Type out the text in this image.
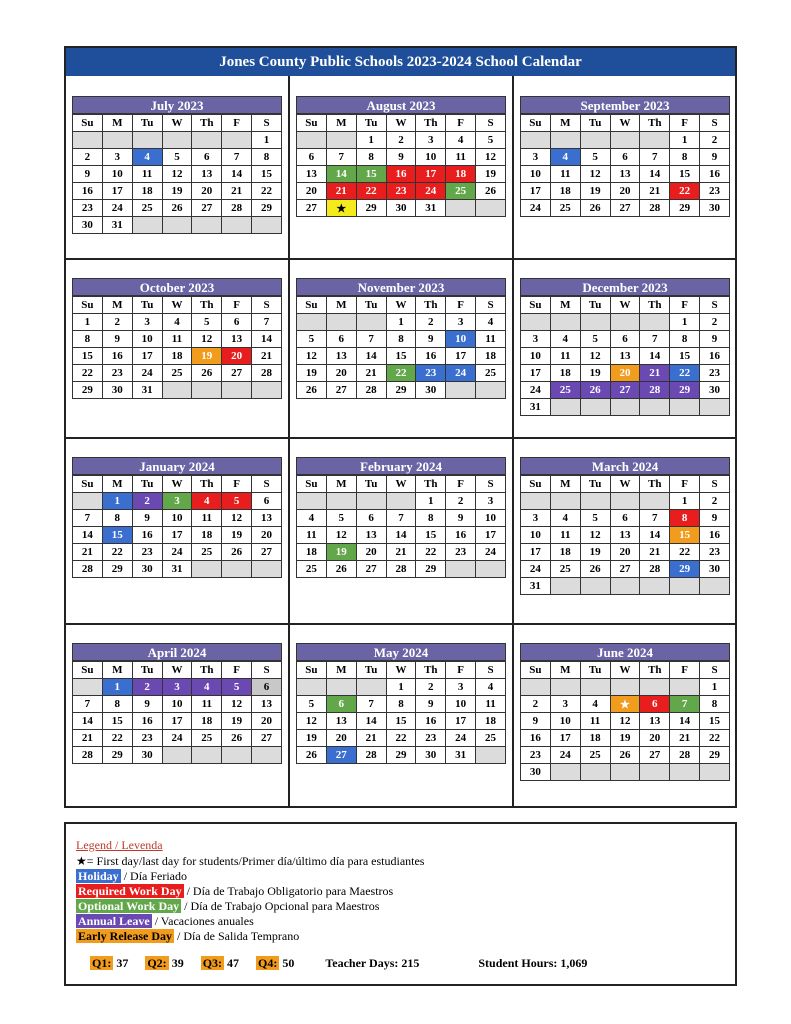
Jones County Public Schools 2023-2024 School Calendar
July 2023
Su	M	Tu	W	Th	F	S
						1
2	3	4	5	6	7	8
9	10	11	12	13	14	15
16	17	18	19	20	21	22
23	24	25	26	27	28	29
30	31					
August 2023
Su	M	Tu	W	Th	F	S
		1	2	3	4	5
6	7	8	9	10	11	12
13	14	15	16	17	18	19
20	21	22	23	24	25	26
27	★	29	30	31		
September 2023
Su	M	Tu	W	Th	F	S
					1	2
3	4	5	6	7	8	9
10	11	12	13	14	15	16
17	18	19	20	21	22	23
24	25	26	27	28	29	30
October 2023
Su	M	Tu	W	Th	F	S
1	2	3	4	5	6	7
8	9	10	11	12	13	14
15	16	17	18	19	20	21
22	23	24	25	26	27	28
29	30	31				
November 2023
Su	M	Tu	W	Th	F	S
			1	2	3	4
5	6	7	8	9	10	11
12	13	14	15	16	17	18
19	20	21	22	23	24	25
26	27	28	29	30		
December 2023
Su	M	Tu	W	Th	F	S
					1	2
3	4	5	6	7	8	9
10	11	12	13	14	15	16
17	18	19	20	21	22	23
24	25	26	27	28	29	30
31						
January 2024
Su	M	Tu	W	Th	F	S
	1	2	3	4	5	6
7	8	9	10	11	12	13
14	15	16	17	18	19	20
21	22	23	24	25	26	27
28	29	30	31			
February 2024
Su	M	Tu	W	Th	F	S
				1	2	3
4	5	6	7	8	9	10
11	12	13	14	15	16	17
18	19	20	21	22	23	24
25	26	27	28	29		
March 2024
Su	M	Tu	W	Th	F	S
					1	2
3	4	5	6	7	8	9
10	11	12	13	14	15	16
17	18	19	20	21	22	23
24	25	26	27	28	29	30
31						
April 2024
Su	M	Tu	W	Th	F	S
	1	2	3	4	5	6
7	8	9	10	11	12	13
14	15	16	17	18	19	20
21	22	23	24	25	26	27
28	29	30				
May 2024
Su	M	Tu	W	Th	F	S
			1	2	3	4
5	6	7	8	9	10	11
12	13	14	15	16	17	18
19	20	21	22	23	24	25
26	27	28	29	30	31	
June 2024
Su	M	Tu	W	Th	F	S
						1
2	3	4	★	6	7	8
9	10	11	12	13	14	15
16	17	18	19	20	21	22
23	24	25	26	27	28	29
30						
Legend / Levenda
★= First day/last day for students/Primer día/último día para estudiantes
Holiday / Día Feriado
Required Work Day / Día de Trabajo Obligatorio para Maestros
Optional Work Day / Día de Trabajo Opcional para Maestros
Annual Leave / Vacaciones anuales
Early Release Day / Día de Salida Temprano
Q1: 37 Q2: 39 Q3: 47 Q4: 50	Teacher Days: 215	Student Hours: 1,069
